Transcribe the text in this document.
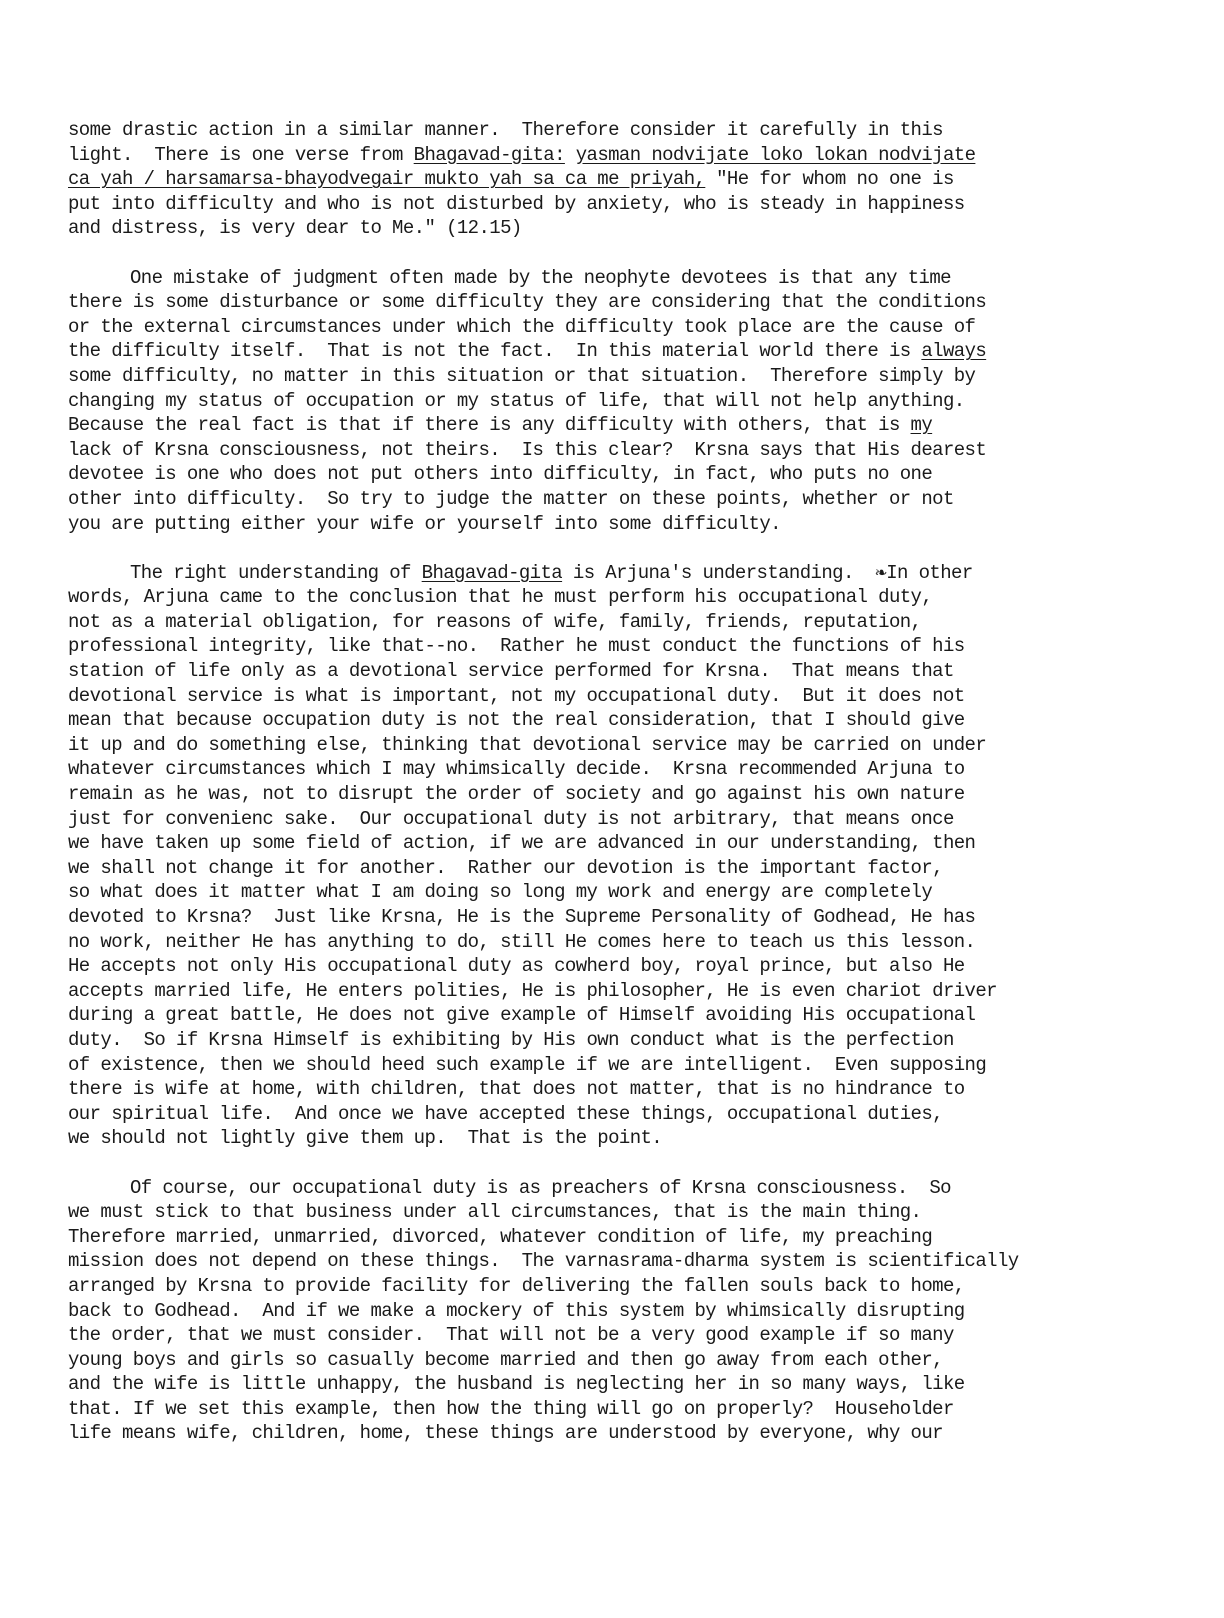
some drastic action in a similar manner.  Therefore consider it carefully in this
light.  There is one verse from Bhagavad-gita: yasman nodvijate loko lokan nodvijate
ca yah / harsamarsa-bhayodvegair mukto yah sa ca me priyah, "He for whom no one is
put into difficulty and who is not disturbed by anxiety, who is steady in happiness
and distress, is very dear to Me." (12.15)
One mistake of judgment often made by the neophyte devotees is that any time
there is some disturbance or some difficulty they are considering that the conditions
or the external circumstances under which the difficulty took place are the cause of
the difficulty itself.  That is not the fact.  In this material world there is always
some difficulty, no matter in this situation or that situation.  Therefore simply by
changing my status of occupation or my status of life, that will not help anything.
Because the real fact is that if there is any difficulty with others, that is my
lack of Krsna consciousness, not theirs.  Is this clear?  Krsna says that His dearest
devotee is one who does not put others into difficulty, in fact, who puts no one
other into difficulty.  So try to judge the matter on these points, whether or not
you are putting either your wife or yourself into some difficulty.
The right understanding of Bhagavad-gita is Arjuna's understanding.  ❧In other
words, Arjuna came to the conclusion that he must perform his occupational duty,
not as a material obligation, for reasons of wife, family, friends, reputation,
professional integrity, like that--no.  Rather he must conduct the functions of his
station of life only as a devotional service performed for Krsna.  That means that
devotional service is what is important, not my occupational duty.  But it does not
mean that because occupation duty is not the real consideration, that I should give
it up and do something else, thinking that devotional service may be carried on under
whatever circumstances which I may whimsically decide.  Krsna recommended Arjuna to
remain as he was, not to disrupt the order of society and go against his own nature
just for convenienc sake.  Our occupational duty is not arbitrary, that means once
we have taken up some field of action, if we are advanced in our understanding, then
we shall not change it for another.  Rather our devotion is the important factor,
so what does it matter what I am doing so long my work and energy are completely
devoted to Krsna?  Just like Krsna, He is the Supreme Personality of Godhead, He has
no work, neither He has anything to do, still He comes here to teach us this lesson.
He accepts not only His occupational duty as cowherd boy, royal prince, but also He
accepts married life, He enters polities, He is philosopher, He is even chariot driver
during a great battle, He does not give example of Himself avoiding His occupational
duty.  So if Krsna Himself is exhibiting by His own conduct what is the perfection
of existence, then we should heed such example if we are intelligent.  Even supposing
there is wife at home, with children, that does not matter, that is no hindrance to
our spiritual life.  And once we have accepted these things, occupational duties,
we should not lightly give them up.  That is the point.
Of course, our occupational duty is as preachers of Krsna consciousness.  So
we must stick to that business under all circumstances, that is the main thing.
Therefore married, unmarried, divorced, whatever condition of life, my preaching
mission does not depend on these things.  The varnasrama-dharma system is scientifically
arranged by Krsna to provide facility for delivering the fallen souls back to home,
back to Godhead.  And if we make a mockery of this system by whimsically disrupting
the order, that we must consider.  That will not be a very good example if so many
young boys and girls so casually become married and then go away from each other,
and the wife is little unhappy, the husband is neglecting her in so many ways, like
that. If we set this example, then how the thing will go on properly?  Householder
life means wife, children, home, these things are understood by everyone, why our
